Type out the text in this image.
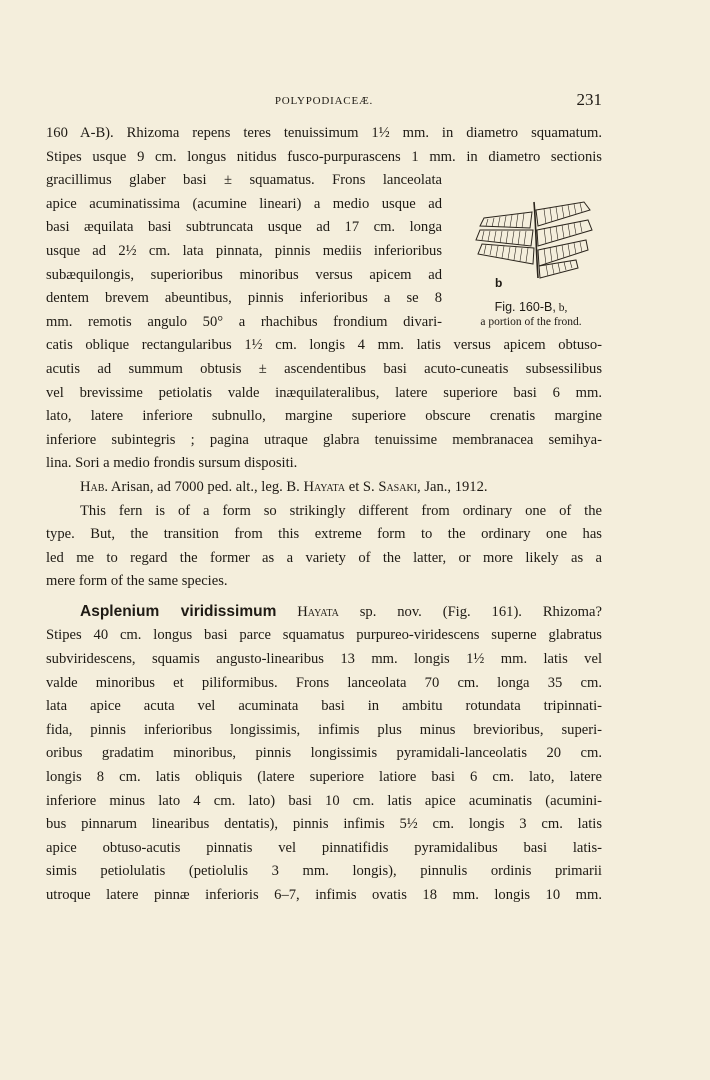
POLYPODIACEÆ.	231
b
Fig. 160-B, b,
a portion of the frond.

160 A-B). Rhizoma repens teres tenuissimum 1½ mm. in diametro squamatum.
Stipes usque 9 cm. longus nitidus fusco-purpurascens 1 mm. in diametro sectionis
gracillimus glaber basi ± squamatus. Frons lanceolata
apice acuminatissima (acumine lineari) a medio usque ad
basi æquilata basi subtruncata usque ad 17 cm. longa
usque ad 2½ cm. lata pinnata, pinnis mediis inferioribus
subæquilongis, superioribus minoribus versus apicem ad
dentem brevem abeuntibus, pinnis inferioribus a se 8
mm. remotis angulo 50° a rhachibus frondium divari-
catis oblique rectangularibus 1½ cm. longis 4 mm. latis versus apicem obtuso-
acutis ad summum obtusis ± ascendentibus basi acuto-cuneatis subsessilibus
vel brevissime petiolatis valde inæquilateralibus, latere superiore basi 6 mm.
lato, latere inferiore subnullo, margine superiore obscure crenatis margine
inferiore subintegris ; pagina utraque glabra tenuissime membranacea semihya-
lina. Sori a medio frondis sursum dispositi.

Hab. Arisan, ad 7000 ped. alt., leg. B. Hayata et S. Sasaki, Jan., 1912.

This fern is of a form so strikingly different from ordinary one of the
type. But, the transition from this extreme form to the ordinary one has
led me to regard the former as a variety of the latter, or more likely as a
mere form of the same species.

Asplenium viridissimum Hayata sp. nov. (Fig. 161). Rhizoma?
Stipes 40 cm. longus basi parce squamatus purpureo-viridescens superne glabratus
subviridescens, squamis angusto-linearibus 13 mm. longis 1½ mm. latis vel
valde minoribus et piliformibus. Frons lanceolata 70 cm. longa 35 cm.
lata apice acuta vel acuminata basi in ambitu rotundata tripinnati-
fida, pinnis inferioribus longissimis, infimis plus minus brevioribus, superi-
oribus gradatim minoribus, pinnis longissimis pyramidali-lanceolatis 20 cm.
longis 8 cm. latis obliquis (latere superiore latiore basi 6 cm. lato, latere
inferiore minus lato 4 cm. lato) basi 10 cm. latis apice acuminatis (acumini-
bus pinnarum linearibus dentatis), pinnis infimis 5½ cm. longis 3 cm. latis
apice obtuso-acutis pinnatis vel pinnatifidis pyramidalibus basi latis-
simis petiolulatis (petiolulis 3 mm. longis), pinnulis ordinis primarii
utroque latere pinnæ inferioris 6–7, infimis ovatis 18 mm. longis 10 mm.
